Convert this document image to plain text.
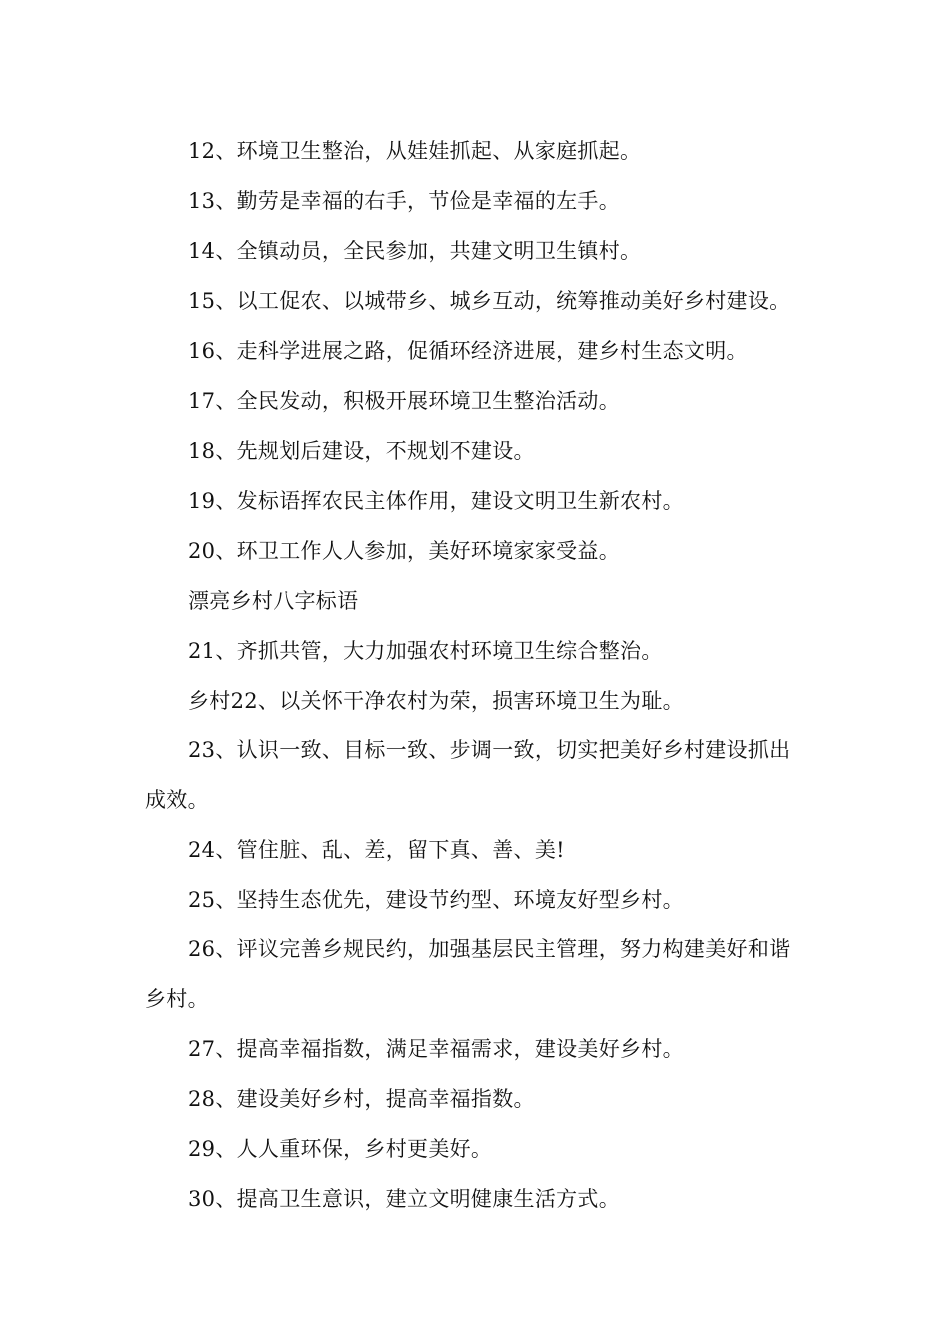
12、环境卫生整治，从娃娃抓起、从家庭抓起。

13、勤劳是幸福的右手，节俭是幸福的左手。

14、全镇动员，全民参加，共建文明卫生镇村。

15、以工促农、以城带乡、城乡互动，统筹推动美好乡村建设。

16、走科学进展之路，促循环经济进展，建乡村生态文明。

17、全民发动，积极开展环境卫生整治活动。

18、先规划后建设，不规划不建设。

19、发标语挥农民主体作用，建设文明卫生新农村。

20、环卫工作人人参加，美好环境家家受益。

漂亮乡村八字标语

21、齐抓共管，大力加强农村环境卫生综合整治。

乡村22、以关怀干净农村为荣，损害环境卫生为耻。

23、认识一致、目标一致、步调一致，切实把美好乡村建设抓出成效。

24、管住脏、乱、差，留下真、善、美!

25、坚持生态优先，建设节约型、环境友好型乡村。

26、评议完善乡规民约，加强基层民主管理，努力构建美好和谐乡村。

27、提高幸福指数，满足幸福需求，建设美好乡村。

28、建设美好乡村，提高幸福指数。

29、人人重环保，乡村更美好。

30、提高卫生意识，建立文明健康生活方式。
